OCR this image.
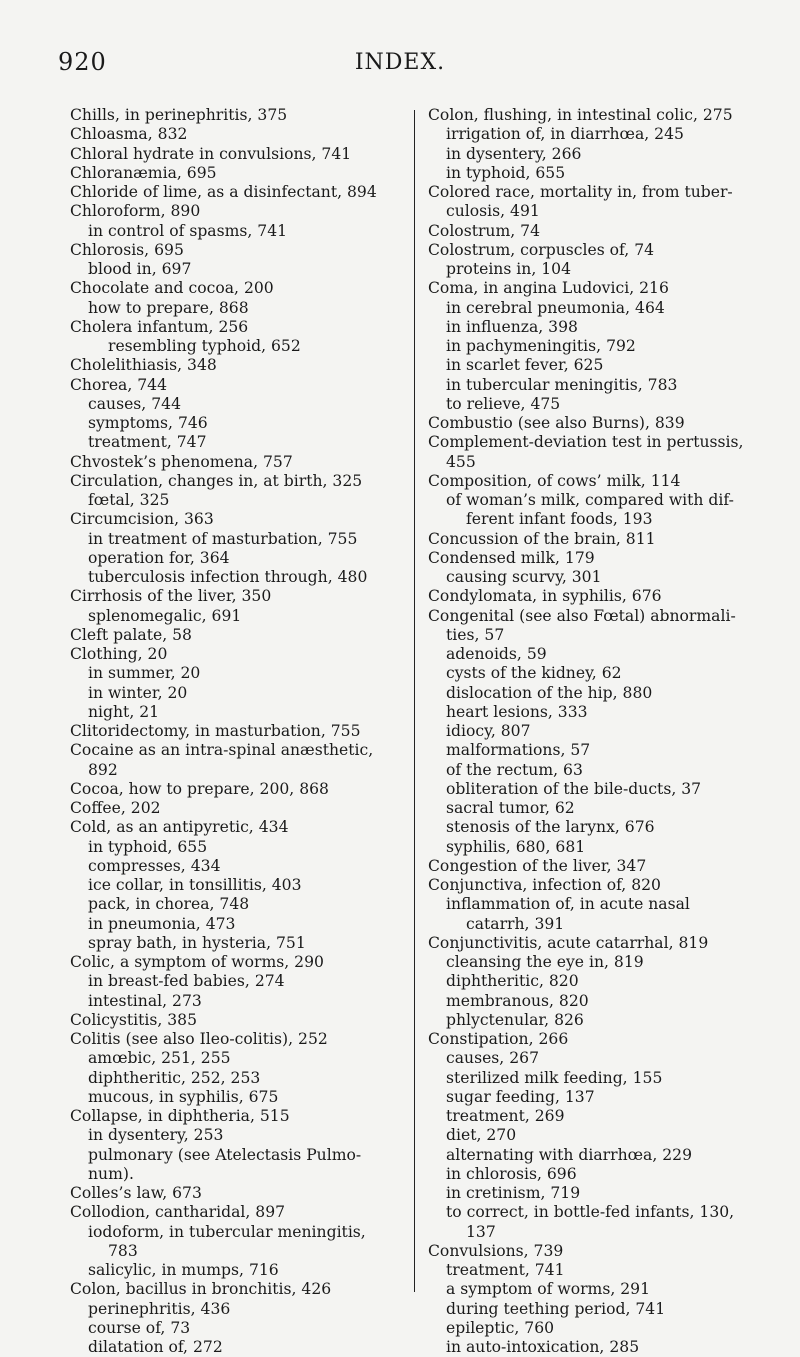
920	INDEX.
Chills, in perinephritis, 375
Chloasma, 832
Chloral hydrate in convulsions, 741
Chloranæmia, 695
Chloride of lime, as a disinfectant, 894
Chloroform, 890
in control of spasms, 741
Chlorosis, 695
blood in, 697
Chocolate and cocoa, 200
how to prepare, 868
Cholera infantum, 256
resembling typhoid, 652
Cholelithiasis, 348
Chorea, 744
causes, 744
symptoms, 746
treatment, 747
Chvostek’s phenomena, 757
Circulation, changes in, at birth, 325
fœtal, 325
Circumcision, 363
in treatment of masturbation, 755
operation for, 364
tuberculosis infection through, 480
Cirrhosis of the liver, 350
splenomegalic, 691
Cleft palate, 58
Clothing, 20
in summer, 20
in winter, 20
night, 21
Clitoridectomy, in masturbation, 755
Cocaine as an intra-spinal anæsthetic,
892
Cocoa, how to prepare, 200, 868
Coffee, 202
Cold, as an antipyretic, 434
in typhoid, 655
compresses, 434
ice collar, in tonsillitis, 403
pack, in chorea, 748
in pneumonia, 473
spray bath, in hysteria, 751
Colic, a symptom of worms, 290
in breast-fed babies, 274
intestinal, 273
Colicystitis, 385
Colitis (see also Ileo-colitis), 252
amœbic, 251, 255
diphtheritic, 252, 253
mucous, in syphilis, 675
Collapse, in diphtheria, 515
in dysentery, 253
pulmonary (see Atelectasis Pulmo-
num).
Colles’s law, 673
Collodion, cantharidal, 897
iodoform, in tubercular meningitis,
783
salicylic, in mumps, 716
Colon, bacillus in bronchitis, 426
perinephritis, 436
course of, 73
dilatation of, 272
Colon, flushing, in intestinal colic, 275
irrigation of, in diarrhœa, 245
in dysentery, 266
in typhoid, 655
Colored race, mortality in, from tuber-
culosis, 491
Colostrum, 74
Colostrum, corpuscles of, 74
proteins in, 104
Coma, in angina Ludovici, 216
in cerebral pneumonia, 464
in influenza, 398
in pachymeningitis, 792
in scarlet fever, 625
in tubercular meningitis, 783
to relieve, 475
Combustio (see also Burns), 839
Complement-deviation test in pertussis,
455
Composition, of cows’ milk, 114
of woman’s milk, compared with dif-
ferent infant foods, 193
Concussion of the brain, 811
Condensed milk, 179
causing scurvy, 301
Condylomata, in syphilis, 676
Congenital (see also Fœtal) abnormali-
ties, 57
adenoids, 59
cysts of the kidney, 62
dislocation of the hip, 880
heart lesions, 333
idiocy, 807
malformations, 57
of the rectum, 63
obliteration of the bile-ducts, 37
sacral tumor, 62
stenosis of the larynx, 676
syphilis, 680, 681
Congestion of the liver, 347
Conjunctiva, infection of, 820
inflammation of, in acute nasal
catarrh, 391
Conjunctivitis, acute catarrhal, 819
cleansing the eye in, 819
diphtheritic, 820
membranous, 820
phlyctenular, 826
Constipation, 266
causes, 267
sterilized milk feeding, 155
sugar feeding, 137
treatment, 269
diet, 270
alternating with diarrhœa, 229
in chlorosis, 696
in cretinism, 719
to correct, in bottle-fed infants, 130,
137
Convulsions, 739
treatment, 741
a symptom of worms, 291
during teething period, 741
epileptic, 760
in auto-intoxication, 285
